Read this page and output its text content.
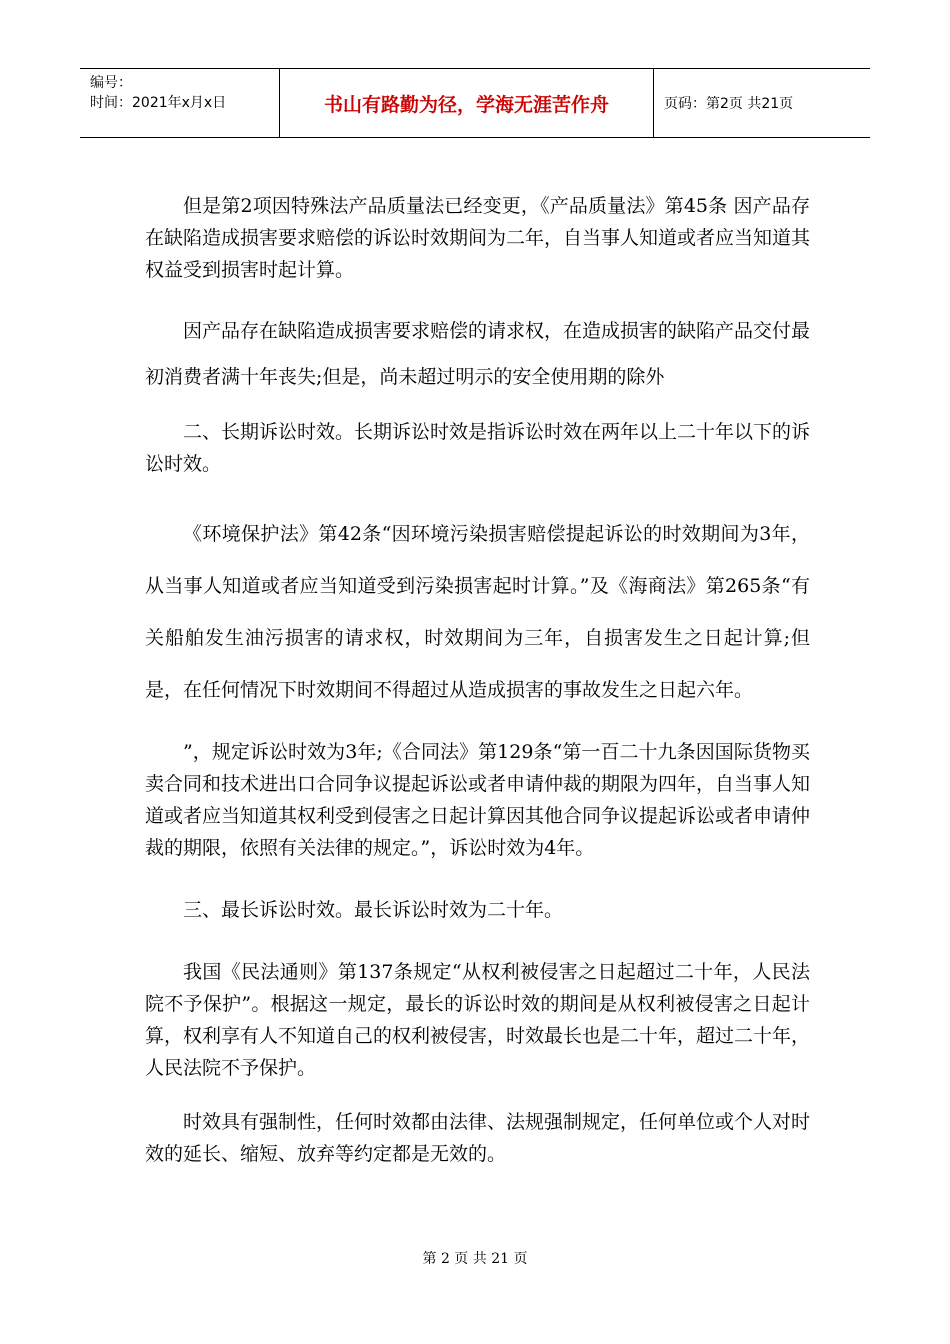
编号：
时间：2021年x月x日	书山有路勤为径，学海无涯苦作舟	页码：第2页 共21页

但是第2项因特殊法产品质量法已经变更，《产品质量法》第45条 因产品存在缺陷造成损害要求赔偿的诉讼时效期间为二年，自当事人知道或者应当知道其权益受到损害时起计算。

因产品存在缺陷造成损害要求赔偿的请求权，在造成损害的缺陷产品交付最初消费者满十年丧失;但是，尚未超过明示的安全使用期的除外

二、长期诉讼时效。长期诉讼时效是指诉讼时效在两年以上二十年以下的诉讼时效。

《环境保护法》第42条“因环境污染损害赔偿提起诉讼的时效期间为3年，从当事人知道或者应当知道受到污染损害起时计算。”及《海商法》第265条“有关船舶发生油污损害的请求权，时效期间为三年，自损害发生之日起计算;但是，在任何情况下时效期间不得超过从造成损害的事故发生之日起六年。

”，规定诉讼时效为3年;《合同法》第129条“第一百二十九条因国际货物买卖合同和技术进出口合同争议提起诉讼或者申请仲裁的期限为四年，自当事人知道或者应当知道其权利受到侵害之日起计算因其他合同争议提起诉讼或者申请仲裁的期限，依照有关法律的规定。”，诉讼时效为4年。

三、最长诉讼时效。最长诉讼时效为二十年。

我国《民法通则》第137条规定“从权利被侵害之日起超过二十年，人民法院不予保护”。根据这一规定，最长的诉讼时效的期间是从权利被侵害之日起计算，权利享有人不知道自己的权利被侵害，时效最长也是二十年，超过二十年，人民法院不予保护。

时效具有强制性，任何时效都由法律、法规强制规定，任何单位或个人对时效的延长、缩短、放弃等约定都是无效的。

第 2 页 共 21 页
